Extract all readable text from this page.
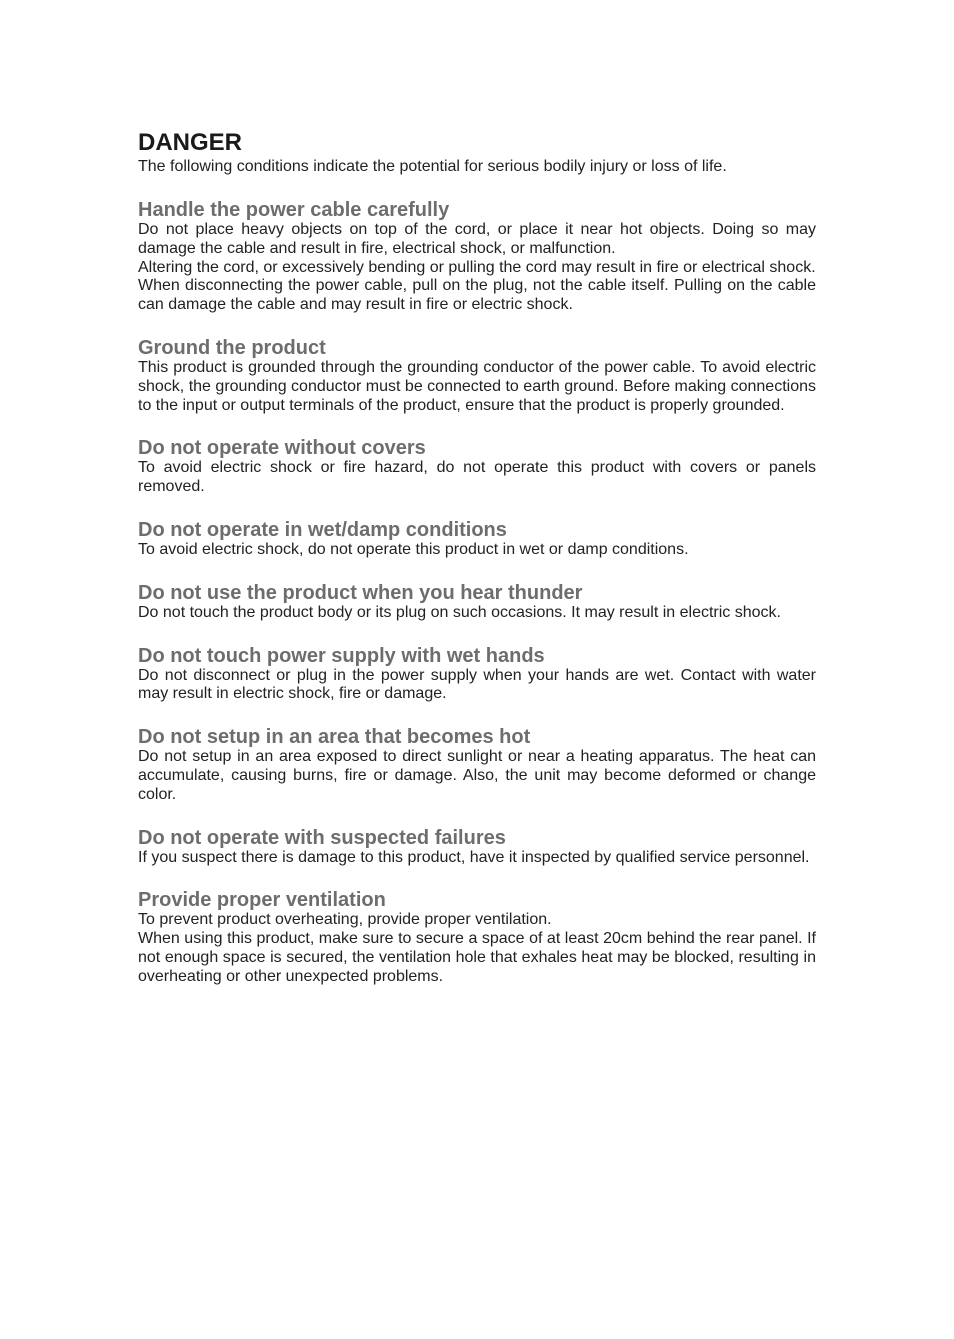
DANGER

The following conditions indicate the potential for serious bodily injury or loss of life.

Handle the power cable carefully

Do not place heavy objects on top of the cord, or place it near hot objects. Doing so may damage the cable and result in fire, electrical shock, or malfunction.

Altering the cord, or excessively bending or pulling the cord may result in fire or electrical shock.

When disconnecting the power cable, pull on the plug, not the cable itself. Pulling on the cable can damage the cable and may result in fire or electric shock.

Ground the product

This product is grounded through the grounding conductor of the power cable. To avoid electric shock, the grounding conductor must be connected to earth ground. Before making connections to the input or output terminals of the product, ensure that the product is properly grounded.

Do not operate without covers

To avoid electric shock or fire hazard, do not operate this product with covers or panels removed.

Do not operate in wet/damp conditions

To avoid electric shock, do not operate this product in wet or damp conditions.

Do not use the product when you hear thunder

Do not touch the product body or its plug on such occasions. It may result in electric shock.

Do not touch power supply with wet hands

Do not disconnect or plug in the power supply when your hands are wet. Contact with water may result in electric shock, fire or damage.

Do not setup in an area that becomes hot

Do not setup in an area exposed to direct sunlight or near a heating apparatus. The heat can accumulate, causing burns, fire or damage. Also, the unit may become deformed or change color.

Do not operate with suspected failures

If you suspect there is damage to this product, have it inspected by qualified service personnel.

Provide proper ventilation

To prevent product overheating, provide proper ventilation.

When using this product, make sure to secure a space of at least 20cm behind the rear panel. If not enough space is secured, the ventilation hole that exhales heat may be blocked, resulting in overheating or other unexpected problems.
